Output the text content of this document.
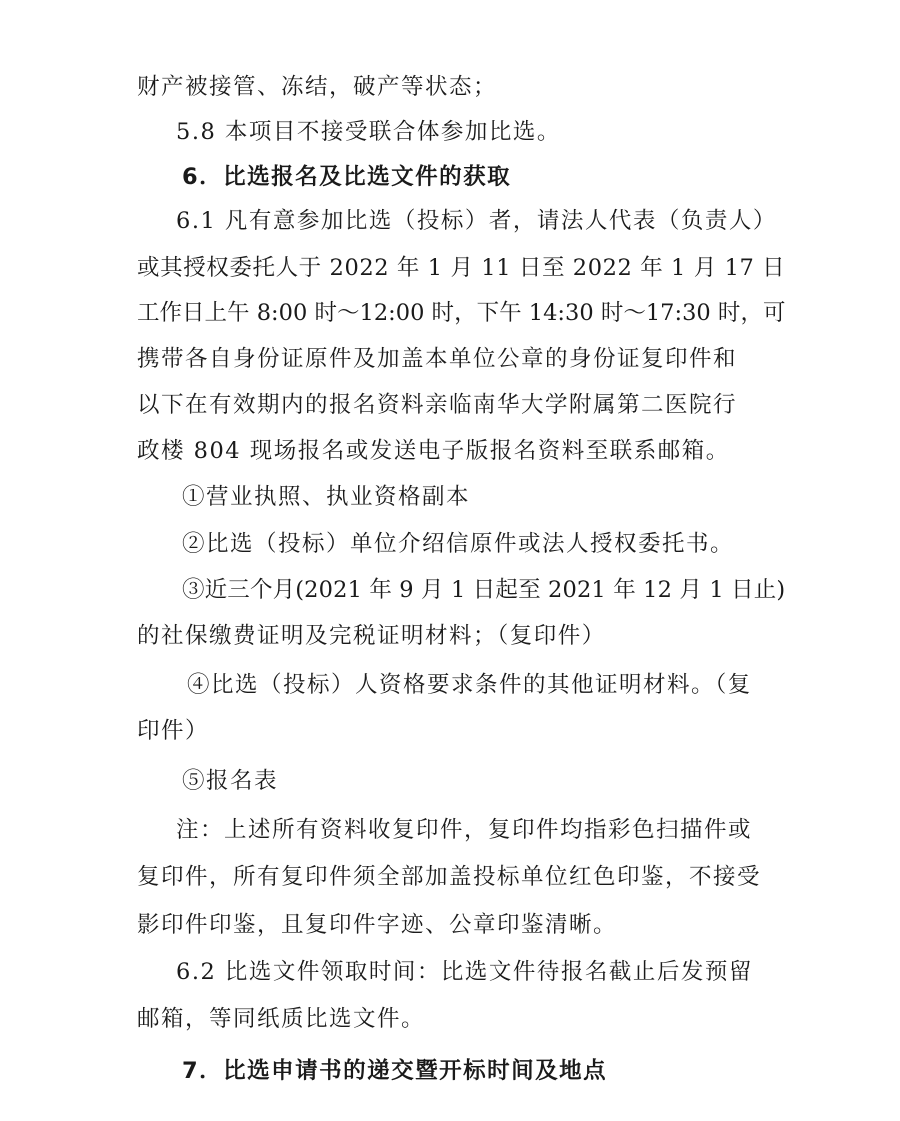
财产被接管、冻结，破产等状态；
5.8 本项目不接受联合体参加比选。
6．比选报名及比选文件的获取
6.1 凡有意参加比选（投标）者，请法人代表（负责人）
或其授权委托人于 2022 年 1 月 11 日至 2022 年 1 月 17 日
工作日上午 8:00 时～12:00 时，下午 14:30 时～17:30 时，可
携带各自身份证原件及加盖本单位公章的身份证复印件和
以下在有效期内的报名资料亲临南华大学附属第二医院行
政楼 804 现场报名或发送电子版报名资料至联系邮箱。
①营业执照、执业资格副本
②比选（投标）单位介绍信原件或法人授权委托书。
③近三个月(2021 年 9 月 1 日起至 2021 年 12 月 1 日止)
的社保缴费证明及完税证明材料；（复印件）
④比选（投标）人资格要求条件的其他证明材料。（复
印件）
⑤报名表
注：上述所有资料收复印件，复印件均指彩色扫描件或
复印件，所有复印件须全部加盖投标单位红色印鉴，不接受
影印件印鉴，且复印件字迹、公章印鉴清晰。
6.2 比选文件领取时间：比选文件待报名截止后发预留
邮箱，等同纸质比选文件。
7．比选申请书的递交暨开标时间及地点
